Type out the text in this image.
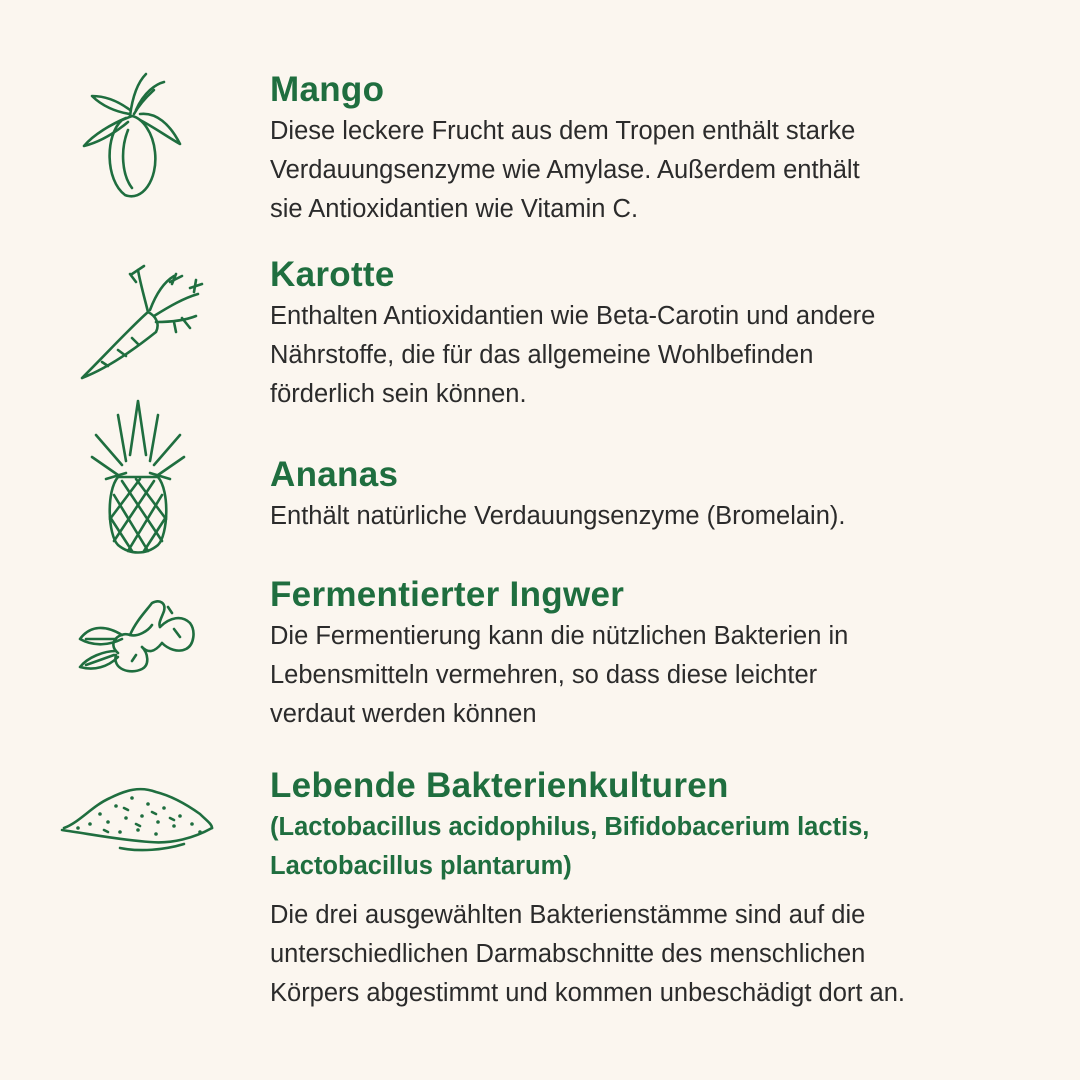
Mango

Diese leckere Frucht aus dem Tropen enthält starke

Verdauungsenzyme wie Amylase. Außerdem enthält

sie Antioxidantien wie Vitamin C.

Karotte

Enthalten Antioxidantien wie Beta-Carotin und andere

Nährstoffe, die für das allgemeine Wohlbefinden

förderlich sein können.

Ananas

Enthält natürliche Verdauungsenzyme (Bromelain).

Fermentierter Ingwer

Die Fermentierung kann die nützlichen Bakterien in

Lebensmitteln vermehren, so dass diese leichter

verdaut werden können

Lebende Bakterienkulturen

(Lactobacillus acidophilus, Bifidobacerium lactis,

Lactobacillus plantarum)

Die drei ausgewählten Bakterienstämme sind auf die

unterschiedlichen Darmabschnitte des menschlichen

Körpers abgestimmt und kommen unbeschädigt dort an.
